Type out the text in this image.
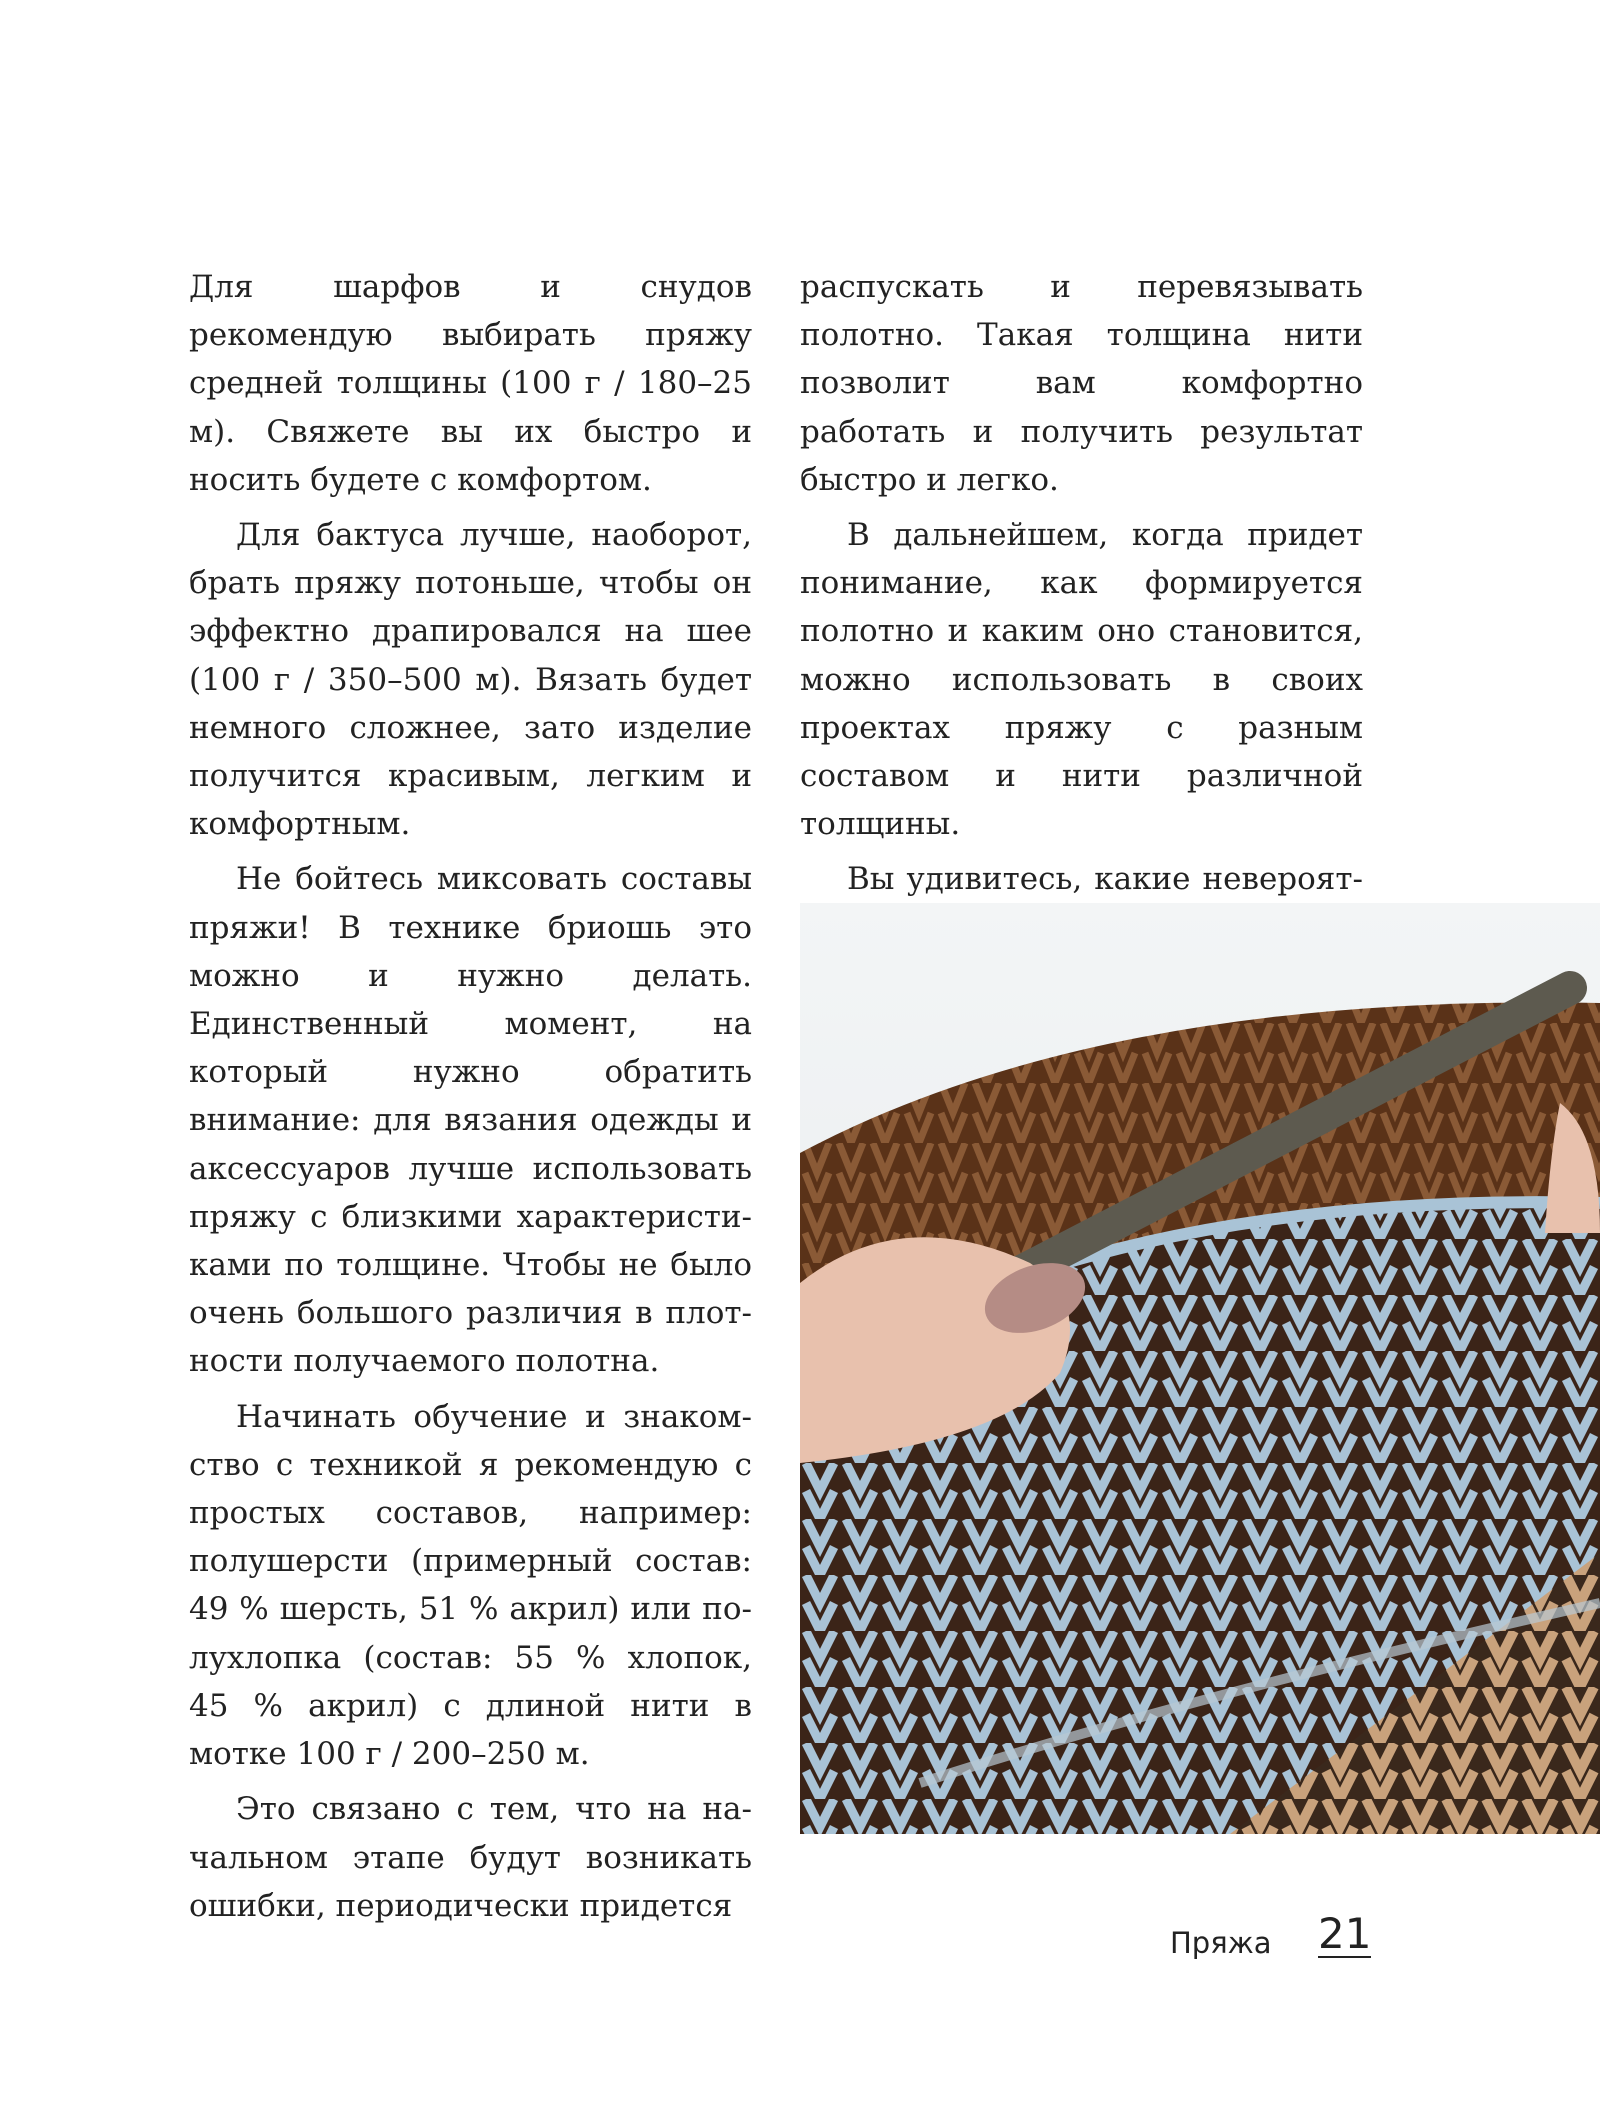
Для шарфов и снудов рекомендую выбирать пряжу средней толщины (100 г / 180–25 м). Свяжете вы их быстро и носить будете с комфортом.

Для бактуса лучше, наоборот, брать пряжу потоньше, чтобы он эффектно драпировался на шее (100 г / 350–500 м). Вязать будет немного сложнее, зато изделие получится красивым, легким и комфортным.

Не бойтесь миксовать составы пряжи! В технике бриошь это можно и нужно делать. Единственный момент, на который нужно обратить внимание: для вязания одежды и аксессуаров лучше использовать пряжу с близкими характеристиками по толщине. Чтобы не было очень большого различия в плотности получаемого полотна.

Начинать обучение и знакомство с техникой я рекомендую с простых составов, например: полушерсти (примерный состав: 49 % шерсть, 51 % акрил) или полухлопка (состав: 55 % хлопок, 45 % акрил) с длиной нити в мотке 100 г / 200–250 м.

Это связано с тем, что на начальном этапе будут возникать ошибки, периодически придется

распускать и перевязывать полотно. Такая толщина нити позволит вам комфортно работать и получить результат быстро и легко.

В дальнейшем, когда придет понимание, как формируется полотно и каким оно становится, можно использовать в своих проектах пряжу с разным составом и нити различной толщины.

Вы удивитесь, какие невероят

Пряжа 21
